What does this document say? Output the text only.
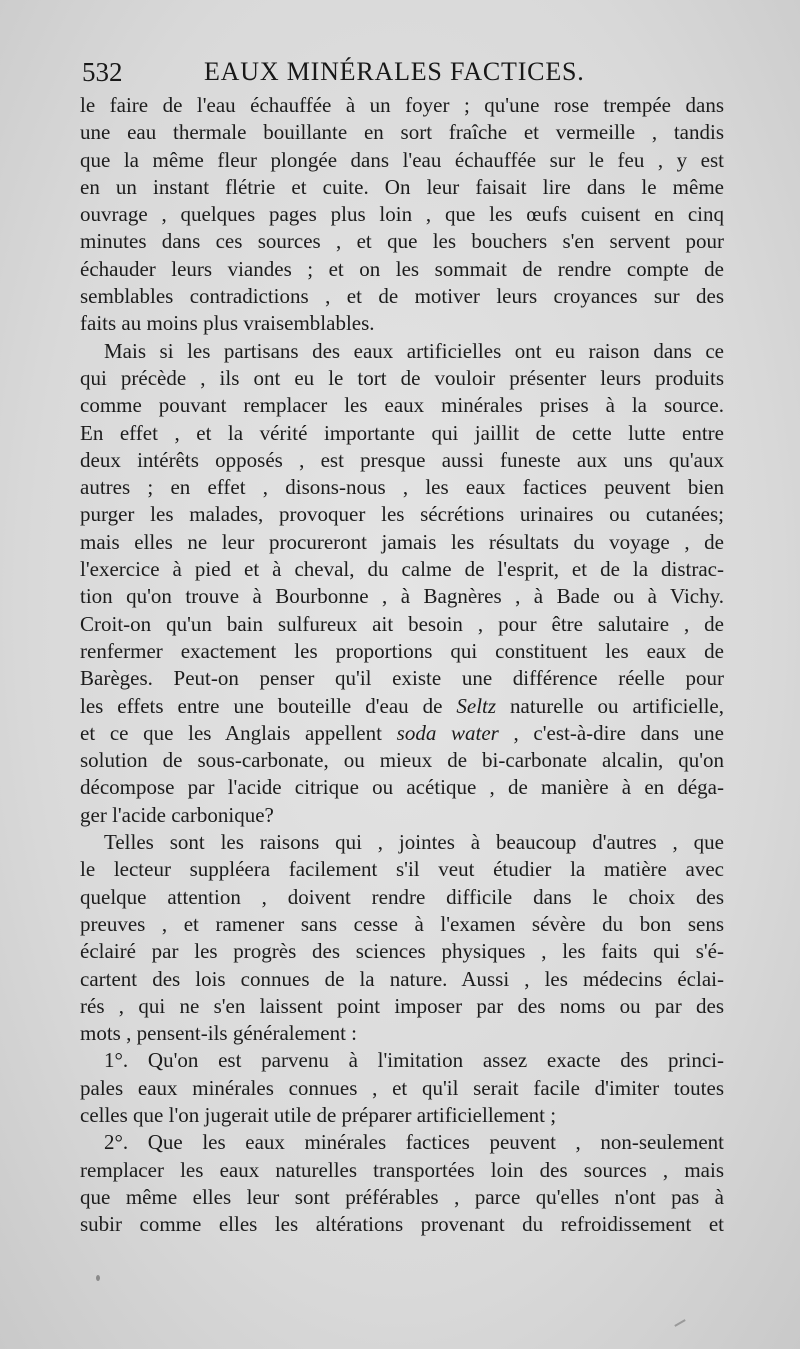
532	EAUX MINÉRALES FACTICES.
le faire de l'eau échauffée à un foyer ; qu'une rose trempée dans
une eau thermale bouillante en sort fraîche et vermeille , tandis
que la même fleur plongée dans l'eau échauffée sur le feu , y est
en un instant flétrie et cuite. On leur faisait lire dans le même
ouvrage , quelques pages plus loin , que les œufs cuisent en cinq
minutes dans ces sources , et que les bouchers s'en servent pour
échauder leurs viandes ; et on les sommait de rendre compte de
semblables contradictions , et de motiver leurs croyances sur des
faits au moins plus vraisemblables.
Mais si les partisans des eaux artificielles ont eu raison dans ce
qui précède , ils ont eu le tort de vouloir présenter leurs produits
comme pouvant remplacer les eaux minérales prises à la source.
En effet , et la vérité importante qui jaillit de cette lutte entre
deux intérêts opposés , est presque aussi funeste aux uns qu'aux
autres ; en effet , disons-nous , les eaux factices peuvent bien
purger les malades, provoquer les sécrétions urinaires ou cutanées;
mais elles ne leur procureront jamais les résultats du voyage , de
l'exercice à pied et à cheval, du calme de l'esprit, et de la distrac-
tion qu'on trouve à Bourbonne , à Bagnères , à Bade ou à Vichy.
Croit-on qu'un bain sulfureux ait besoin , pour être salutaire , de
renfermer exactement les proportions qui constituent les eaux de
Barèges. Peut-on penser qu'il existe une différence réelle pour
les effets entre une bouteille d'eau de Seltz naturelle ou artificielle,
et ce que les Anglais appellent soda water , c'est-à-dire dans une
solution de sous-carbonate, ou mieux de bi-carbonate alcalin, qu'on
décompose par l'acide citrique ou acétique , de manière à en déga-
ger l'acide carbonique?
Telles sont les raisons qui , jointes à beaucoup d'autres , que
le lecteur suppléera facilement s'il veut étudier la matière avec
quelque attention , doivent rendre difficile dans le choix des
preuves , et ramener sans cesse à l'examen sévère du bon sens
éclairé par les progrès des sciences physiques , les faits qui s'é-
cartent des lois connues de la nature. Aussi , les médecins éclai-
rés , qui ne s'en laissent point imposer par des noms ou par des
mots , pensent-ils généralement :
1°. Qu'on est parvenu à l'imitation assez exacte des princi-
pales eaux minérales connues , et qu'il serait facile d'imiter toutes
celles que l'on jugerait utile de préparer artificiellement ;
2°. Que les eaux minérales factices peuvent , non-seulement
remplacer les eaux naturelles transportées loin des sources , mais
que même elles leur sont préférables , parce qu'elles n'ont pas à
subir comme elles les altérations provenant du refroidissement et
